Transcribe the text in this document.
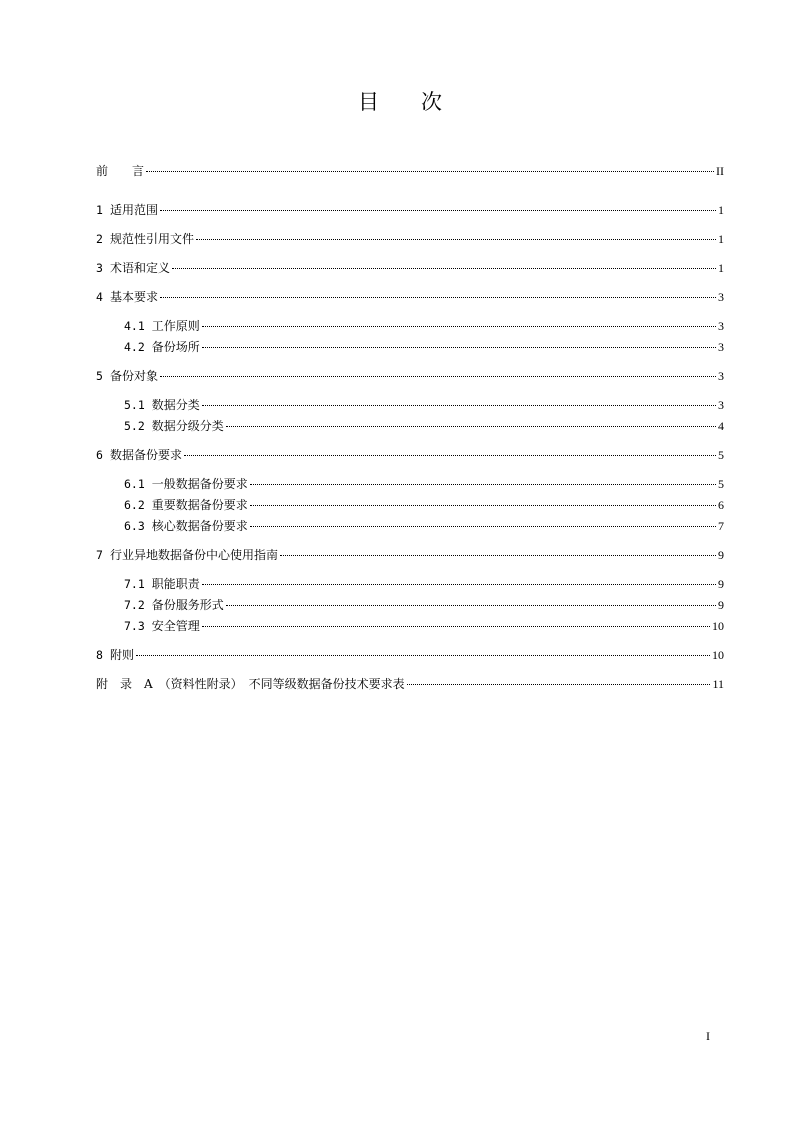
目 次
前　　言	II
1 适用范围	1
2 规范性引用文件	1
3 术语和定义	1
4 基本要求	3
4.1 工作原则	3
4.2 备份场所	3
5 备份对象	3
5.1 数据分类	3
5.2 数据分级分类	4
6 数据备份要求	5
6.1 一般数据备份要求	5
6.2 重要数据备份要求	6
6.3 核心数据备份要求	7
7 行业异地数据备份中心使用指南	9
7.1 职能职责	9
7.2 备份服务形式	9
7.3 安全管理	10
8 附则	10
附　录　A　（资料性附录）　不同等级数据备份技术要求表	11
I
